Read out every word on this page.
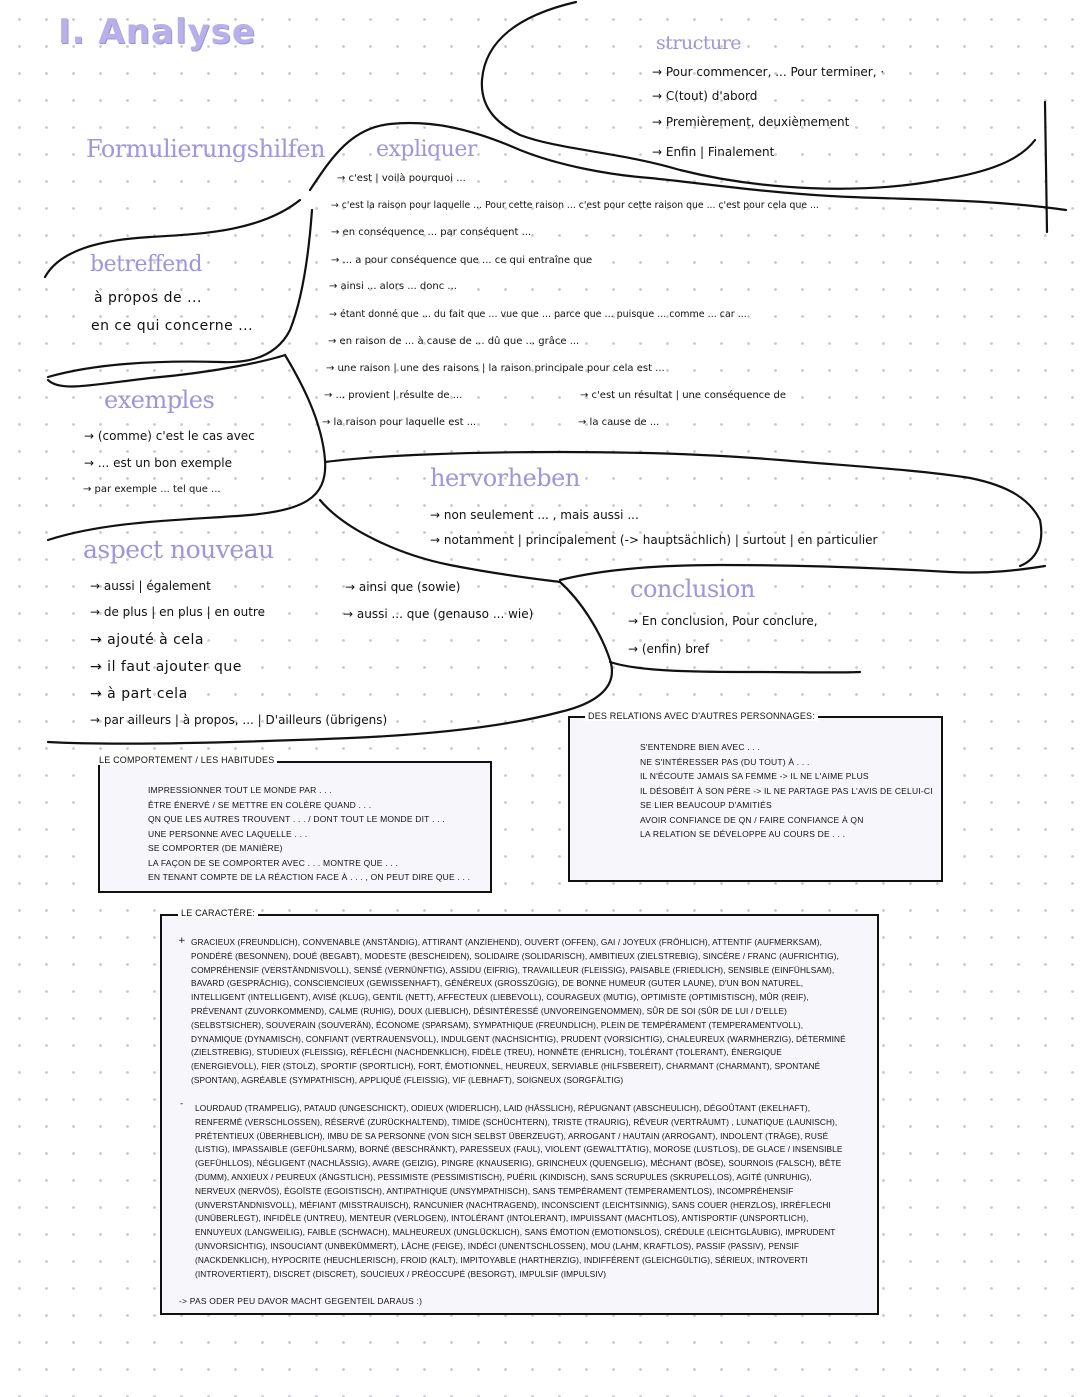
I. Analyse
Formulierungshilfen
structure
→ Pour commencer, ... Pour terminer, ·
→ C(tout) d'abord
→ Premièrement, deuxièmement
→ Enfin | Finalement
expliquer
→ c'est | voilà pourquoi ...
→ c'est la raison pour laquelle ... Pour cette raison ... c'est pour cette raison que ... c'est pour cela que ...
→ en conséquence ... par conséquent ...
→ ... a pour conséquence que ... ce qui entraîne que
→ ainsi ... alors ... donc ...
→ étant donné que ... du fait que ... vue que ... parce que ... puisque ... comme ... car ...
→ en raison de ... à cause de ... dû que ... grâce ...
→ une raison | une des raisons | la raison principale pour cela est ...
→ ... provient | résulte de ...	→ c'est un résultat | une conséquence de
→ la raison pour laquelle est ...	→ la cause de ...
betreffend
à propos de ...
en ce qui concerne ...
exemples
→ (comme) c'est le cas avec
→ ... est un bon exemple
→ par exemple ... tel que ...	hervorheben
→ non seulement ... , mais aussi ...
→ notamment | principalement (-> hauptsächlich) | surtout | en particulier
aspect nouveau
→ aussi | également
→ de plus | en plus | en outre
→ ajouté à cela
→ il faut ajouter que
→ à part cela
→ par ailleurs | à propos, ... | D'ailleurs (übrigens)
→ ainsi que (sowie)
→ aussi ... que (genauso ... wie)
conclusion
→ En conclusion, Pour conclure,
→ (enfin) bref
DES RELATIONS AVEC D'AUTRES PERSONNAGES:
S'ENTENDRE BIEN AVEC . . .
NE S'INTÉRESSER PAS (DU TOUT) À . . .
IL N'ÉCOUTE JAMAIS SA FEMME -> IL NE L'AIME PLUS
IL DÉSOBÉIT À SON PÈRE -> IL NE PARTAGE PAS L'AVIS DE CELUI-CI
SE LIER BEAUCOUP D'AMITIÉS
AVOIR CONFIANCE DE QN / FAIRE CONFIANCE À QN
LA RELATION SE DÉVELOPPE AU COURS DE . . .
LE COMPORTEMENT / LES HABITUDES
IMPRESSIONNER TOUT LE MONDE PAR . . .
ÊTRE ÉNERVÉ / SE METTRE EN COLÈRE QUAND . . .
QN QUE LES AUTRES TROUVENT . . . / DONT TOUT LE MONDE DIT . . .
UNE PERSONNE AVEC LAQUELLE . . .
SE COMPORTER (DE MANIÈRE)
LA FAÇON DE SE COMPORTER AVEC . . . MONTRE QUE . . .
EN TENANT COMPTE DE LA RÉACTION FACE À . . . , ON PEUT DIRE QUE . . .
LE CARACTÈRE:
+ GRACIEUX (FREUNDLICH), CONVENABLE (ANSTÄNDIG), ATTIRANT (ANZIEHEND), OUVERT (OFFEN), GAI / JOYEUX (FRÖHLICH), ATTENTIF (AUFMERKSAM), PONDÉRÉ (BESONNEN), DOUÉ (BEGABT), MODESTE (BESCHEIDEN), SOLIDAIRE (SOLIDARISCH), AMBITIEUX (ZIELSTREBIG), SINCÈRE / FRANC (AUFRICHTIG), COMPRÉHENSIF (VERSTÄNDNISVOLL), SENSÉ (VERNÜNFTIG), ASSIDU (EIFRIG), TRAVAILLEUR (FLEISSIG), PAISABLE (FRIEDLICH), SENSIBLE (EINFÜHLSAM), BAVARD (GESPRÄCHIG), CONSCIENCIEUX (GEWISSENHAFT), GÉNÉREUX (GROSSZÜGIG), DE BONNE HUMEUR (GUTER LAUNE), D'UN BON NATUREL, INTELLIGENT (INTELLIGENT), AVISÉ (KLUG), GENTIL (NETT), AFFECTEUX (LIEBEVOLL), COURAGEUX (MUTIG), OPTIMISTE (OPTIMISTISCH), MÛR (REIF), PRÉVENANT (ZUVORKOMMEND), CALME (RUHIG), DOUX (LIEBLICH), DÉSINTÉRESSÉ (UNVOREINGENOMMEN), SÛR DE SOI (SÛR DE LUI / D'ELLE) (SELBSTSICHER), SOUVERAIN (SOUVERÄN), ÉCONOME (SPARSAM), SYMPATHIQUE (FREUNDLICH), PLEIN DE TEMPÉRAMENT (TEMPERAMENTVOLL), DYNAMIQUE (DYNAMISCH), CONFIANT (VERTRAUENSVOLL), INDULGENT (NACHSICHTIG), PRUDENT (VORSICHTIG), CHALEUREUX (WARMHERZIG), DÉTERMINÉ (ZIELSTREBIG), STUDIEUX (FLEISSIG), RÉFLÉCHI (NACHDENKLICH), FIDÈLE (TREU), HONNÊTE (EHRLICH), TOLÉRANT (TOLERANT), ÉNERGIQUE (ENERGIEVOLL), FIER (STOLZ), SPORTIF (SPORTLICH), FORT, ÉMOTIONNEL, HEUREUX, SERVIABLE (HILFSBEREIT), CHARMANT (CHARMANT), SPONTANÉ (SPONTAN), AGRÉABLE (SYMPATHISCH), APPLIQUÉ (FLEISSIG), VIF (LEBHAFT), SOIGNEUX (SORGFÄLTIG)
-	LOURDAUD (TRAMPELIG), PATAUD (UNGESCHICKT), ODIEUX (WIDERLICH), LAID (HÄSSLICH), RÉPUGNANT (ABSCHEULICH), DÉGOÛTANT (EKELHAFT), RENFERMÉ (VERSCHLOSSEN), RÉSERVÉ (ZURÜCKHALTEND), TIMIDE (SCHÜCHTERN), TRISTE (TRAURIG), RÊVEUR (VERTRÄUMT) , LUNATIQUE (LAUNISCH), PRÉTENTIEUX (ÜBERHEBLICH), IMBU DE SA PERSONNE (VON SICH SELBST ÜBERZEUGT), ARROGANT / HAUTAIN (ARROGANT), INDOLENT (TRÄGE), RUSÉ (LISTIG), IMPASSAIBLE (GEFÜHLSARM), BORNÉ (BESCHRÄNKT), PARESSEUX (FAUL), VIOLENT (GEWALTTÄTIG), MOROSE (LUSTLOS), DE GLACE / INSENSIBLE (GEFÜHLLOS), NÉGLIGENT (NACHLÄSSIG), AVARE (GEIZIG), PINGRE (KNAUSERIG), GRINCHEUX (QUENGELIG), MÉCHANT (BÖSE), SOURNOIS (FALSCH), BÊTE (DUMM), ANXIEUX / PEUREUX (ÄNGSTLICH), PESSIMISTE (PESSIMISTISCH), PUÉRIL (KINDISCH), SANS SCRUPULES (SKRUPELLOS), AGITÉ (UNRUHIG), NERVEUX (NERVÖS), ÉGOÏSTE (EGOISTISCH), ANTIPATHIQUE (UNSYMPATHISCH), SANS TEMPÉRAMENT (TEMPERAMENTLOS), INCOMPRÉHENSIF (UNVERSTÄNDNISVOLL), MÉFIANT (MISSTRAUISCH), RANCUNIER (NACHTRAGEND), INCONSCIENT (LEICHTSINNIG), SANS COUER (HERZLOS), IRRÉFLECHI (UNÜBERLEGT), INFIDÈLE (UNTREU), MENTEUR (VERLOGEN), INTOLÉRANT (INTOLERANT), IMPUISSANT (MACHTLOS), ANTISPORTIF (UNSPORTLICH), ENNUYEUX (LANGWEILIG), FAIBLE (SCHWACH), MALHEUREUX (UNGLÜCKLICH), SANS ÉMOTION (EMOTIONSLOS), CRÉDULE (LEICHTGLÄUBIG), IMPRUDENT (UNVORSICHTIG), INSOUCIANT (UNBEKÜMMERT), LÂCHE (FEIGE), INDÉCI (UNENTSCHLOSSEN), MOU (LAHM, KRAFTLOS), PASSIF (PASSIV), PENSIF (NACKDENKLICH), HYPOCRITE (HEUCHLERISCH), FROID (KALT), IMPITOYABLE (HARTHERZIG), INDIFFÉRENT (GLEICHGÜLTIG), SÉRIEUX, INTROVERTI (INTROVERTIERT), DISCRET (DISCRET), SOUCIEUX / PRÉOCCUPÉ (BESORGT), IMPULSIF (IMPULSIV)
-> PAS ODER PEU DAVOR MACHT GEGENTEIL DARAUS :)
